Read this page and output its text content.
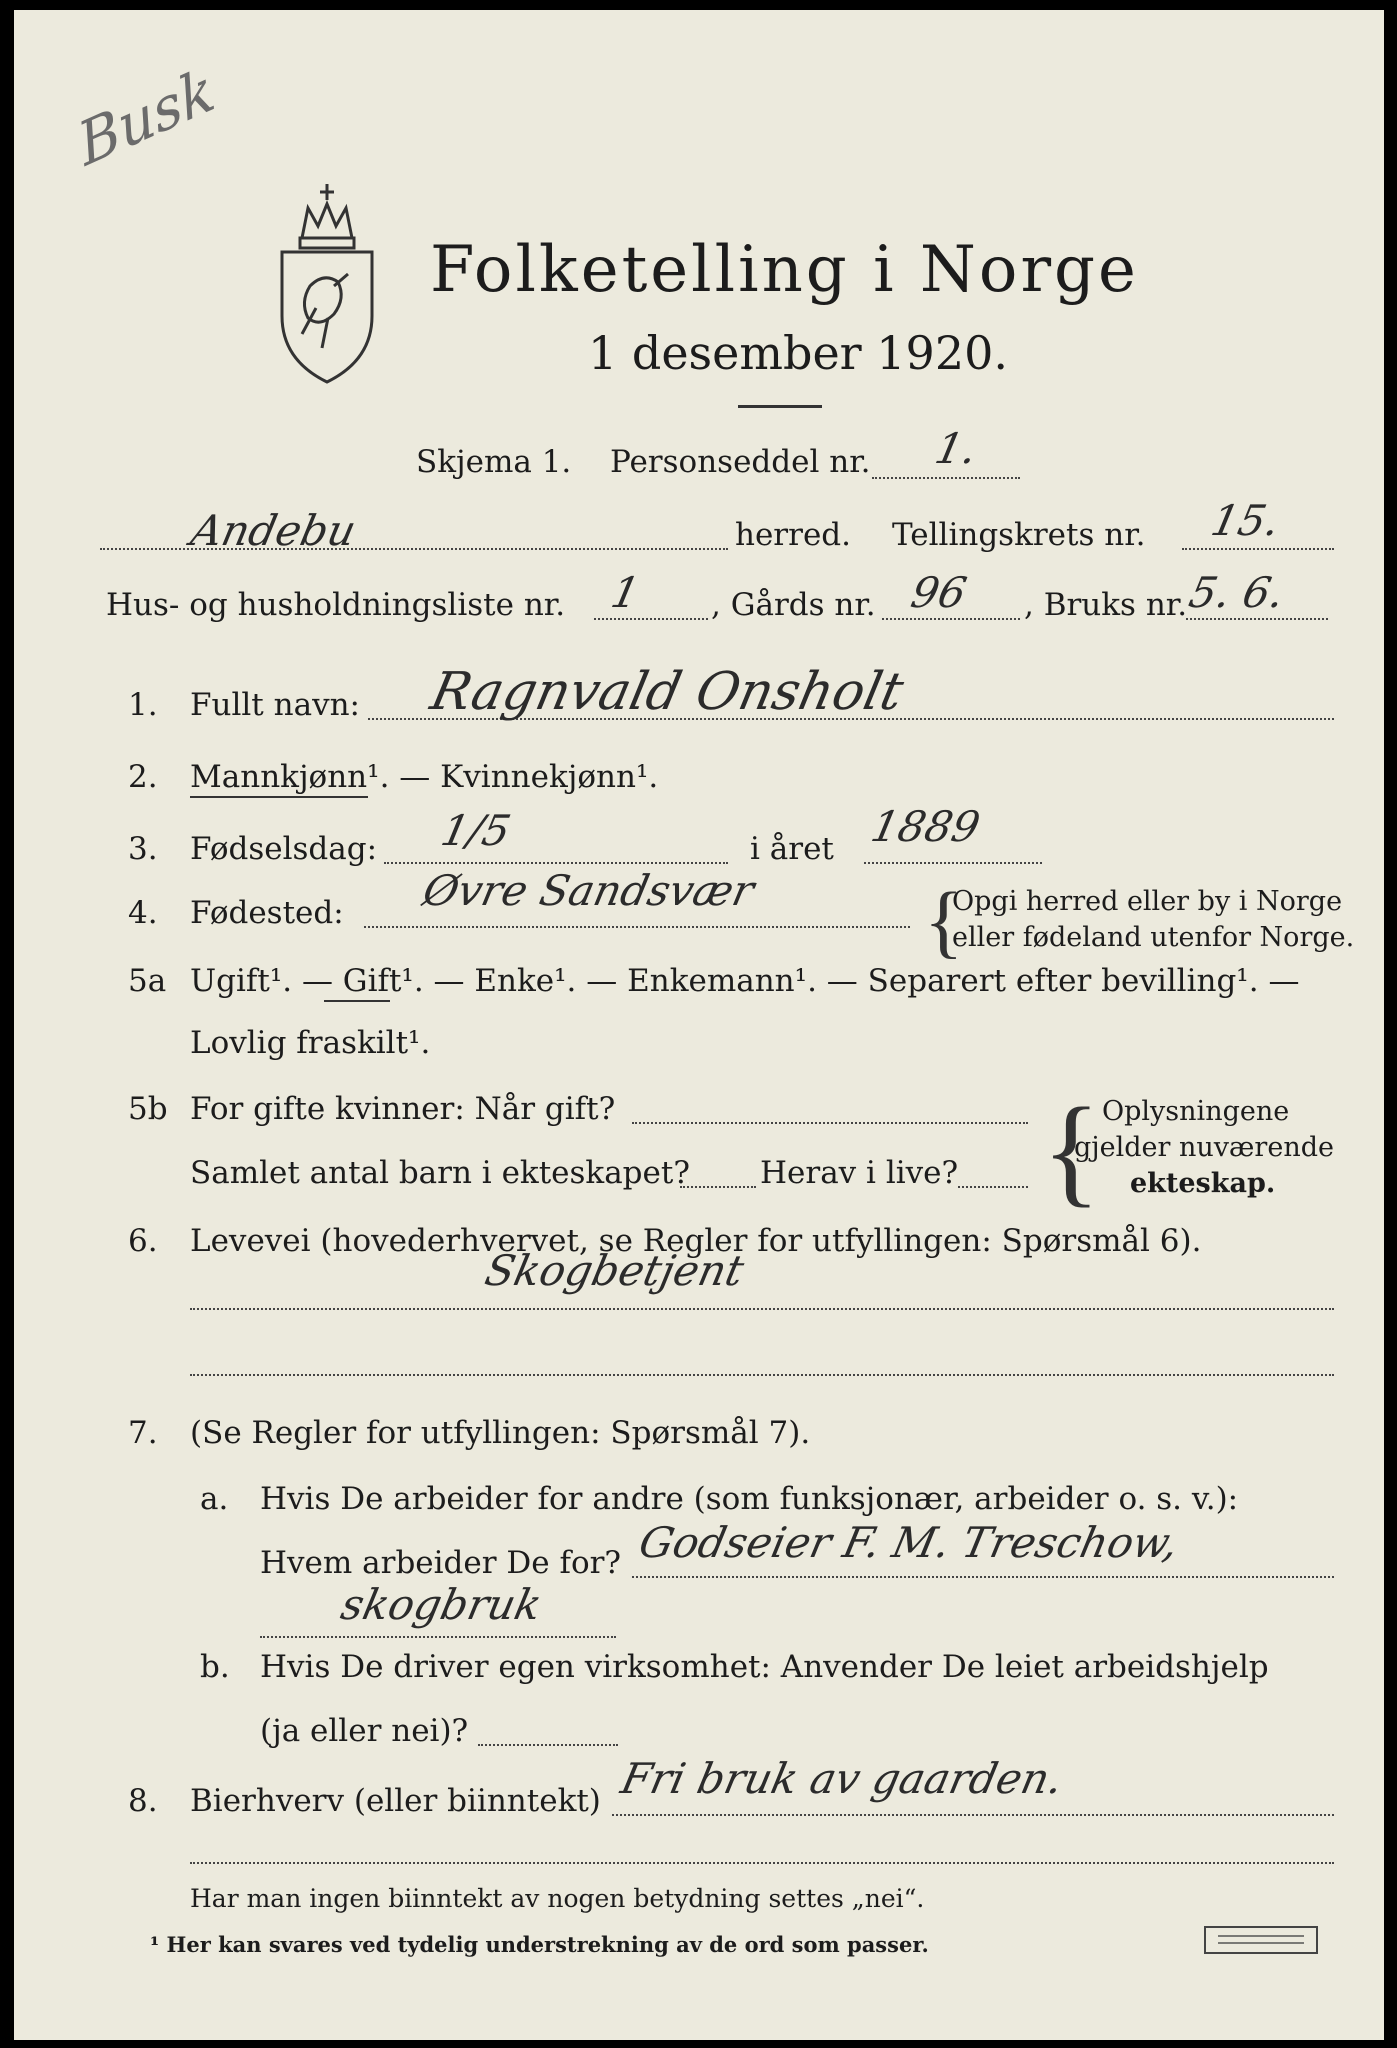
Busk
Folketelling i Norge
1 desember 1920.
Skjema 1. Personseddel nr. 1.
Andebu	herred. Tellingskrets nr. 15.
Hus- og husholdningsliste nr. 1 , Gårds nr. 96 , Bruks nr.
5. 6.
1. Fullt navn: Ragnvald Onsholt
2. Mannkjønn¹. — Kvinnekjønn¹.
3. Fødselsdag: 1/5	i året 1889
4. Fødested: Øvre Sandsvær {
Opgi herred eller by i Norge
eller fødeland utenfor Norge.
5a Ugift¹. — Gift¹. — Enke¹. — Enkemann¹. — Separert efter bevilling¹. —
Lovlig fraskilt¹.
5b For gifte kvinner: Når gift?
Samlet antal barn i ekteskapet? Herav i live? { Oplysningene
gjelder nuværende
ekteskap.
6. Levevei (hovederhvervet, se Regler for utfyllingen: Spørsmål 6).
Skogbetjent
7. (Se Regler for utfyllingen: Spørsmål 7).
a. Hvis De arbeider for andre (som funksjonær, arbeider o. s. v.):
Hvem arbeider De for? Godseier F. M. Treschow,
skogbruk
b. Hvis De driver egen virksomhet: Anvender De leiet arbeidshjelp
(ja eller nei)?
8. Bierhverv (eller biinntekt) Fri bruk av gaarden.
Har man ingen biinntekt av nogen betydning settes „nei“.
¹ Her kan svares ved tydelig understrekning av de ord som passer.
